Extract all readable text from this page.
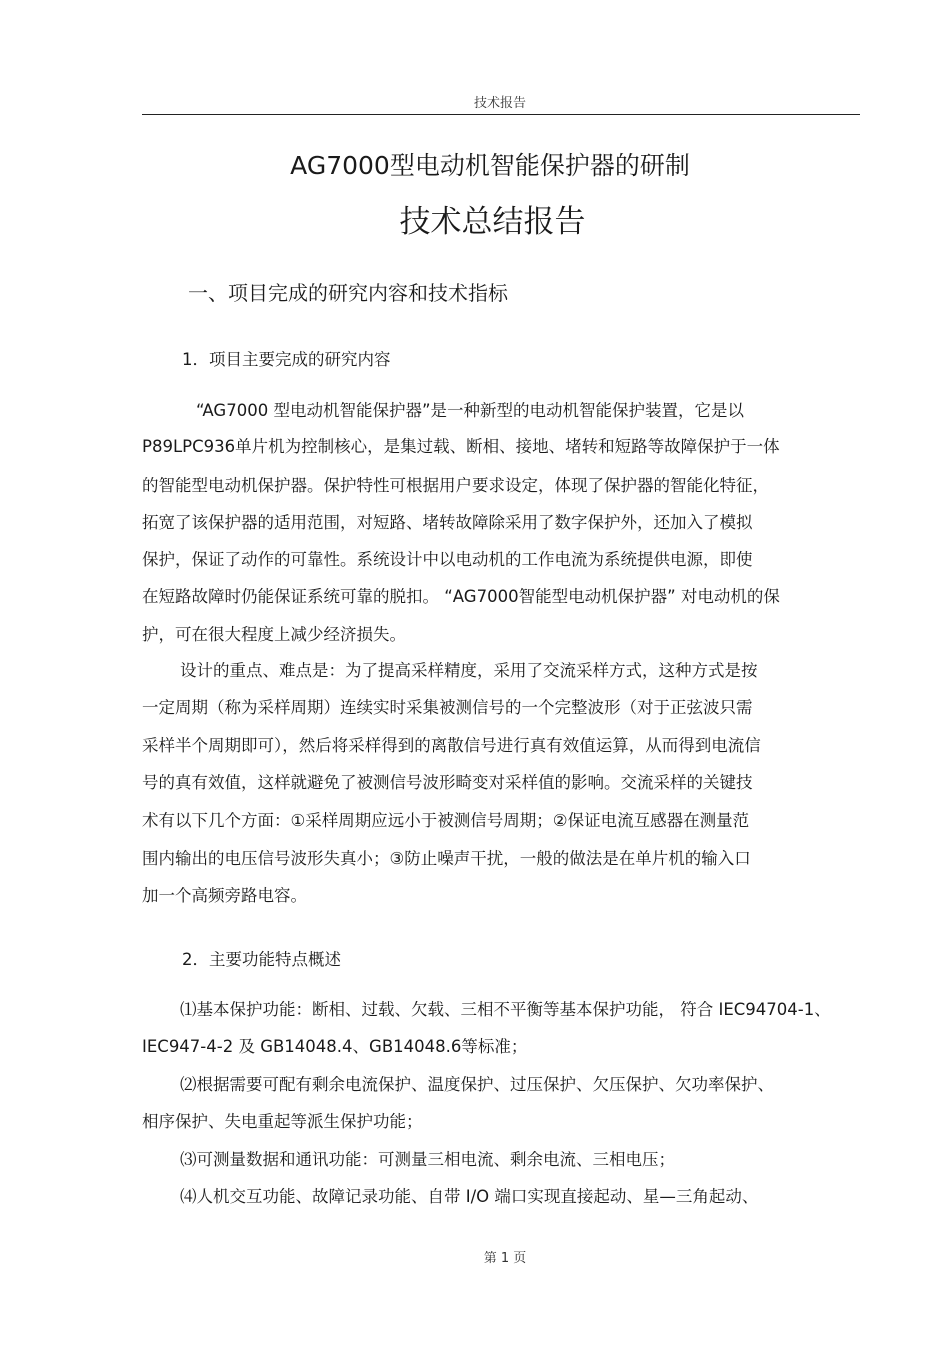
技术报告
AG7000型电动机智能保护器的研制
技术总结报告
一、项目完成的研究内容和技术指标
1．项目主要完成的研究内容
“AG7000 型电动机智能保护器”是一种新型的电动机智能保护装置，它是以
P89LPC936单片机为控制核心，是集过载、断相、接地、堵转和短路等故障保护于一体
的智能型电动机保护器。保护特性可根据用户要求设定，体现了保护器的智能化特征，
拓宽了该保护器的适用范围，对短路、堵转故障除采用了数字保护外，还加入了模拟
保护，保证了动作的可靠性。系统设计中以电动机的工作电流为系统提供电源，即使
在短路故障时仍能保证系统可靠的脱扣。 “AG7000智能型电动机保护器” 对电动机的保
护，可在很大程度上减少经济损失。
设计的重点、难点是：为了提高采样精度，采用了交流采样方式，这种方式是按
一定周期（称为采样周期）连续实时采集被测信号的一个完整波形（对于正弦波只需
采样半个周期即可），然后将采样得到的离散信号进行真有效值运算，从而得到电流信
号的真有效值，这样就避免了被测信号波形畸变对采样值的影响。交流采样的关键技
术有以下几个方面：①采样周期应远小于被测信号周期；②保证电流互感器在测量范
围内输出的电压信号波形失真小；③防止噪声干扰，一般的做法是在单片机的输入口
加一个高频旁路电容。
2．主要功能特点概述
⑴基本保护功能：断相、过载、欠载、三相不平衡等基本保护功能， 符合 IEC94704-1、
IEC947-4-2 及 GB14048.4、GB14048.6等标准；
⑵根据需要可配有剩余电流保护、温度保护、过压保护、欠压保护、欠功率保护、
相序保护、失电重起等派生保护功能；
⑶可测量数据和通讯功能：可测量三相电流、剩余电流、三相电压；
⑷人机交互功能、故障记录功能、自带 I/O 端口实现直接起动、星—三角起动、
第 1 页
